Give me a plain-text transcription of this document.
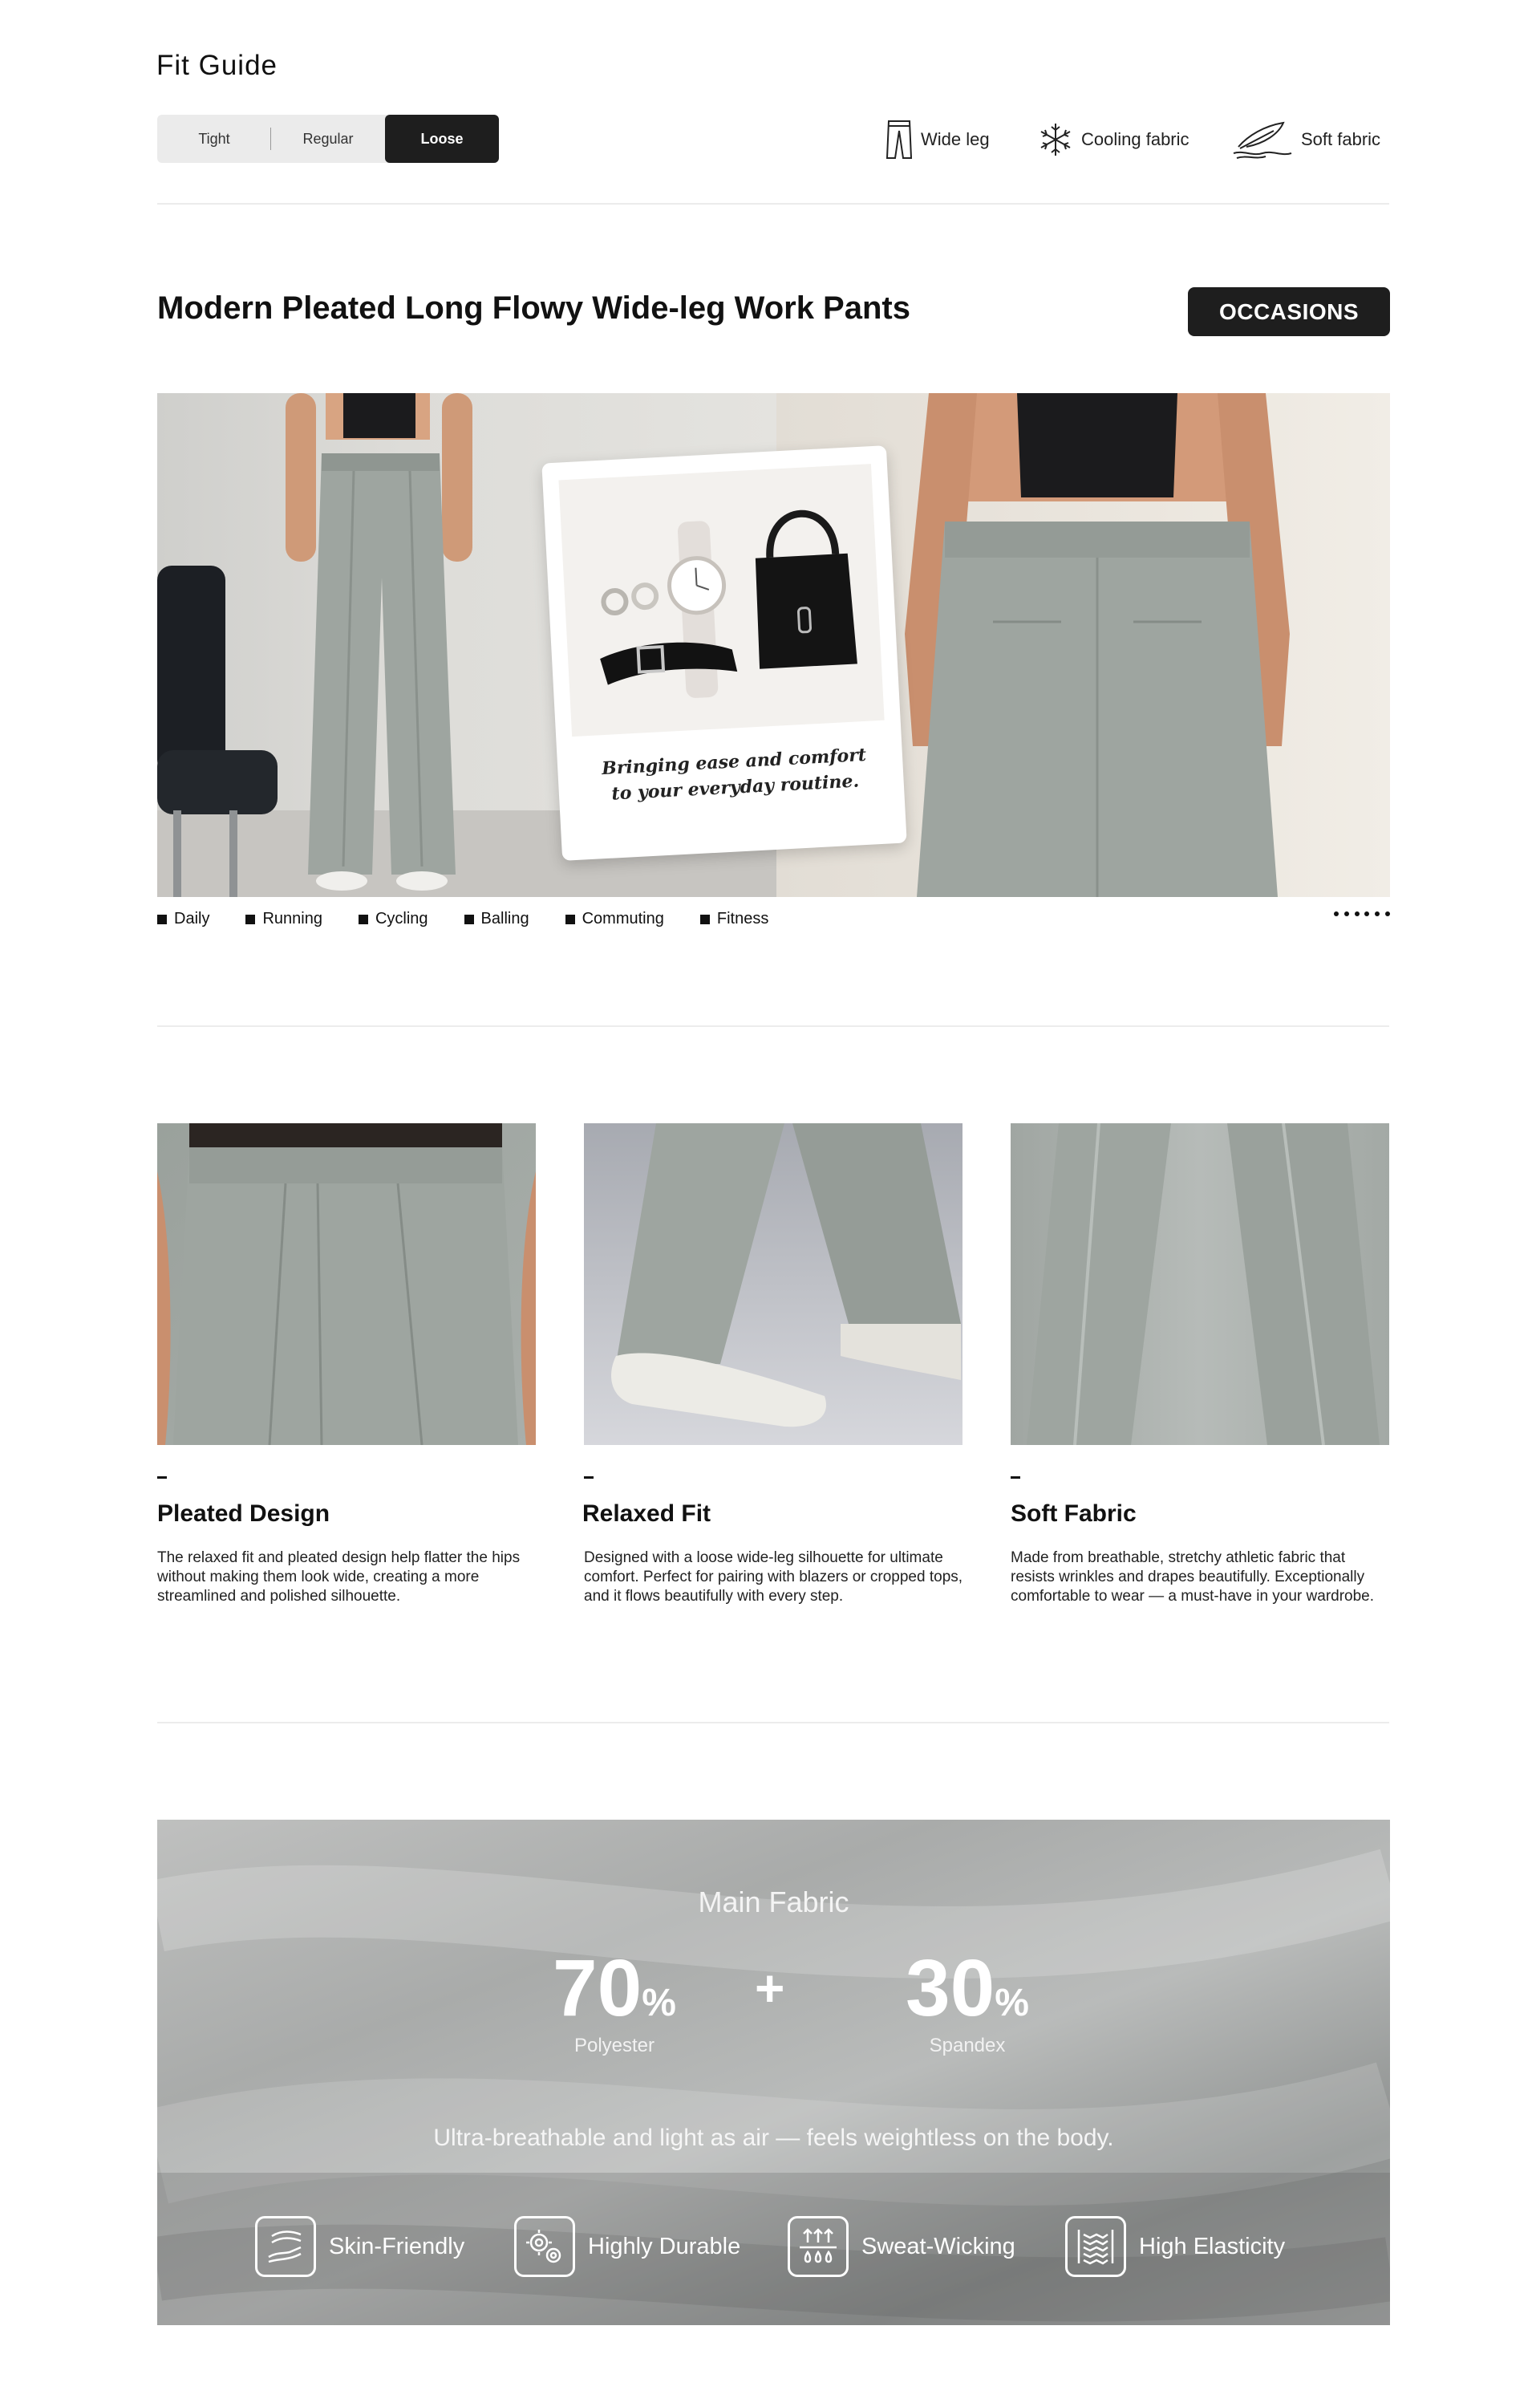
Fit Guide
Tight	Regular	Loose	Wide leg	Cooling fabric	Soft fabric
Modern Pleated Long Flowy Wide-leg Work Pants	OCCASIONS
Bringing ease and comfort
to your everyday routine.
Daily	Running	Cycling	Balling	Commuting	Fitness
Pleated Design	Relaxed Fit	Soft Fabric
The relaxed fit and pleated design help flatter the hips without making them look wide, creating a more streamlined and polished silhouette.
Designed with a loose wide-leg silhouette for ultimate comfort. Perfect for pairing with blazers or cropped tops, and it flows beautifully with every step.
Made from breathable, stretchy athletic fabric that resists wrinkles and drapes beautifully. Exceptionally comfortable to wear — a must-have in your wardrobe.
Main Fabric
70%
Polyester
+	30%
Spandex
Ultra-breathable and light as air — feels weightless on the body.
Skin-Friendly	Highly Durable	Sweat-Wicking	High Elasticity
